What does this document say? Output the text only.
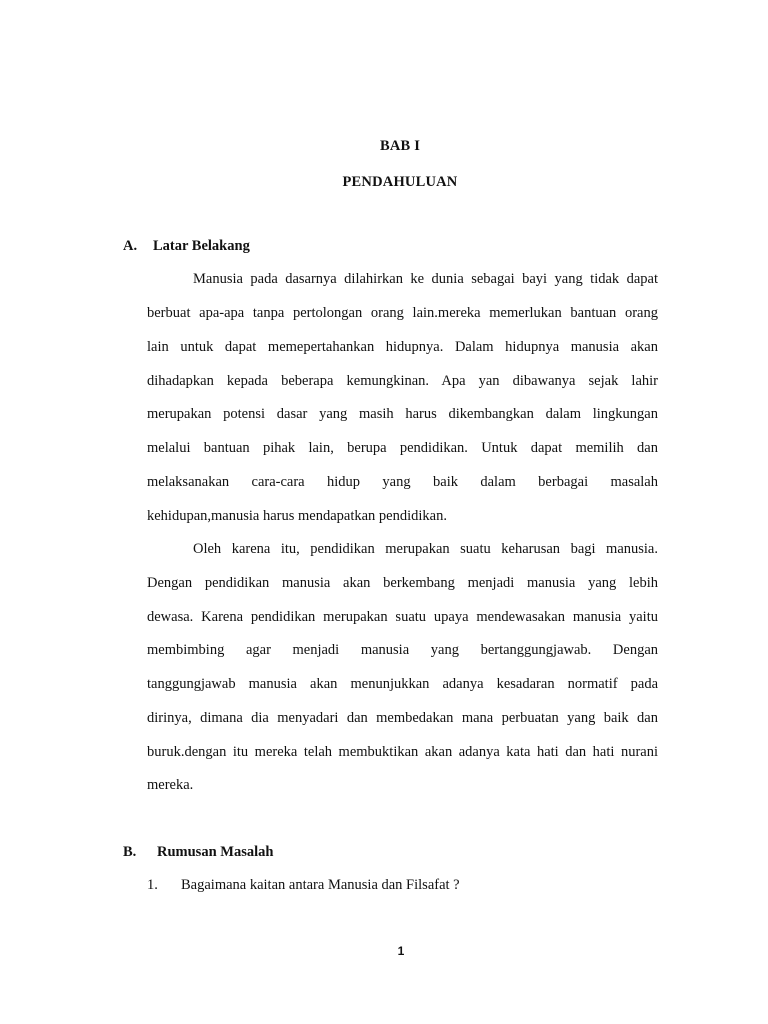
BAB I
PENDAHULUAN
A. Latar Belakang
Manusia pada dasarnya dilahirkan ke dunia sebagai bayi yang tidak dapat
berbuat apa-apa tanpa pertolongan orang lain.mereka memerlukan bantuan orang
lain untuk dapat memepertahankan hidupnya. Dalam hidupnya manusia akan
dihadapkan kepada beberapa kemungkinan. Apa yan dibawanya sejak lahir
merupakan potensi dasar yang masih harus dikembangkan dalam lingkungan
melalui bantuan pihak lain, berupa pendidikan. Untuk dapat memilih dan
melaksanakan cara-cara hidup yang baik dalam berbagai masalah
kehidupan,manusia harus mendapatkan pendidikan.
Oleh karena itu, pendidikan merupakan suatu keharusan bagi manusia.
Dengan pendidikan manusia akan berkembang menjadi manusia yang lebih
dewasa. Karena pendidikan merupakan suatu upaya mendewasakan manusia yaitu
membimbing agar menjadi manusia yang bertanggungjawab. Dengan
tanggungjawab manusia akan menunjukkan adanya kesadaran normatif pada
dirinya, dimana dia menyadari dan membedakan mana perbuatan yang baik dan
buruk.dengan itu mereka telah membuktikan akan adanya kata hati dan hati nurani
mereka.
B. Rumusan Masalah
1. Bagaimana kaitan antara Manusia dan Filsafat ?
1
